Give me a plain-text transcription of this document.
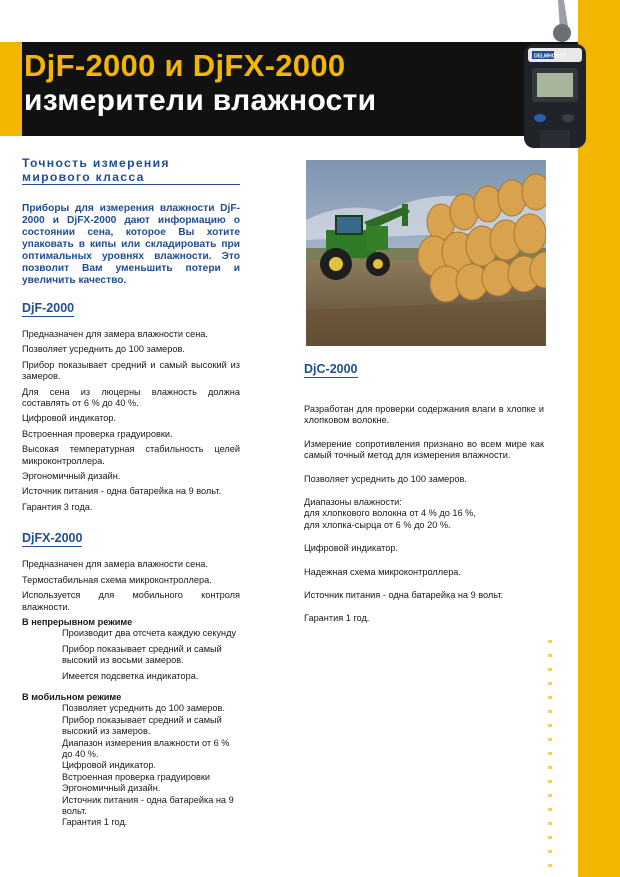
DjF-2000 и DjFX-2000
измерители влажности
DELMHORST
Точность измерения мирового класса
Приборы для измерения влажности DjF-2000 и DjFX-2000 дают информацию о состоянии сена, которое Вы хотите упаковать в кипы или складировать при оптимальных уровнях влажности. Это позволит Вам уменьшить потери и увеличить качество.
DjF-2000
Предназначен для замера влажности сена.
Позволяет усреднить до 100 замеров.
Прибор показывает средний и самый высокий из замеров.
Для сена из люцерны влажность должна составлять от 6 % до 40 %.
Цифровой индикатор.
Встроенная проверка градуировки.
Высокая температурная стабильность целей микроконтроллера.
Эргономичный дизайн.
Источник питания - одна батарейка на 9 вольт.
Гарантия 3 года.
DjFX-2000
Предназначен для замера влажности сена.
Термостабильная схема микроконтроллера.
Используется для мобильного контроля влажности.
В непрерывном режиме
Производит два отсчета каждую секунду
Прибор показывает средний и самый высокий из восьми замеров.
Имеется подсветка индикатора.
В мобильном режиме
Позволяет усреднить до 100 замеров.
Прибор показывает средний и самый высокий из замеров.
Диапазон измерения влажности от 6 % до 40 %.
Цифровой индикатор.
Встроенная проверка градуировки
Эргономичный дизайн.
Источник питания - одна батарейка на 9 вольт.
Гарантия 1 год.
DjC-2000
Разработан для проверки содержания влаги в хлопке и хлопковом волокне.
Измерение сопротивления признано во всем мире как самый точный метод для измерения влажности.
Позволяет усреднить до 100 замеров.
Диапазоны влажности:
для хлопкового волокна от 4 % до 16 %,
для хлопка-сырца от 6 % до 20 %.
Цифровой индикатор.
Надежная схема микроконтроллера.
Источник питания - одна батарейка на 9 вольт.
Гарантия 1 год.
